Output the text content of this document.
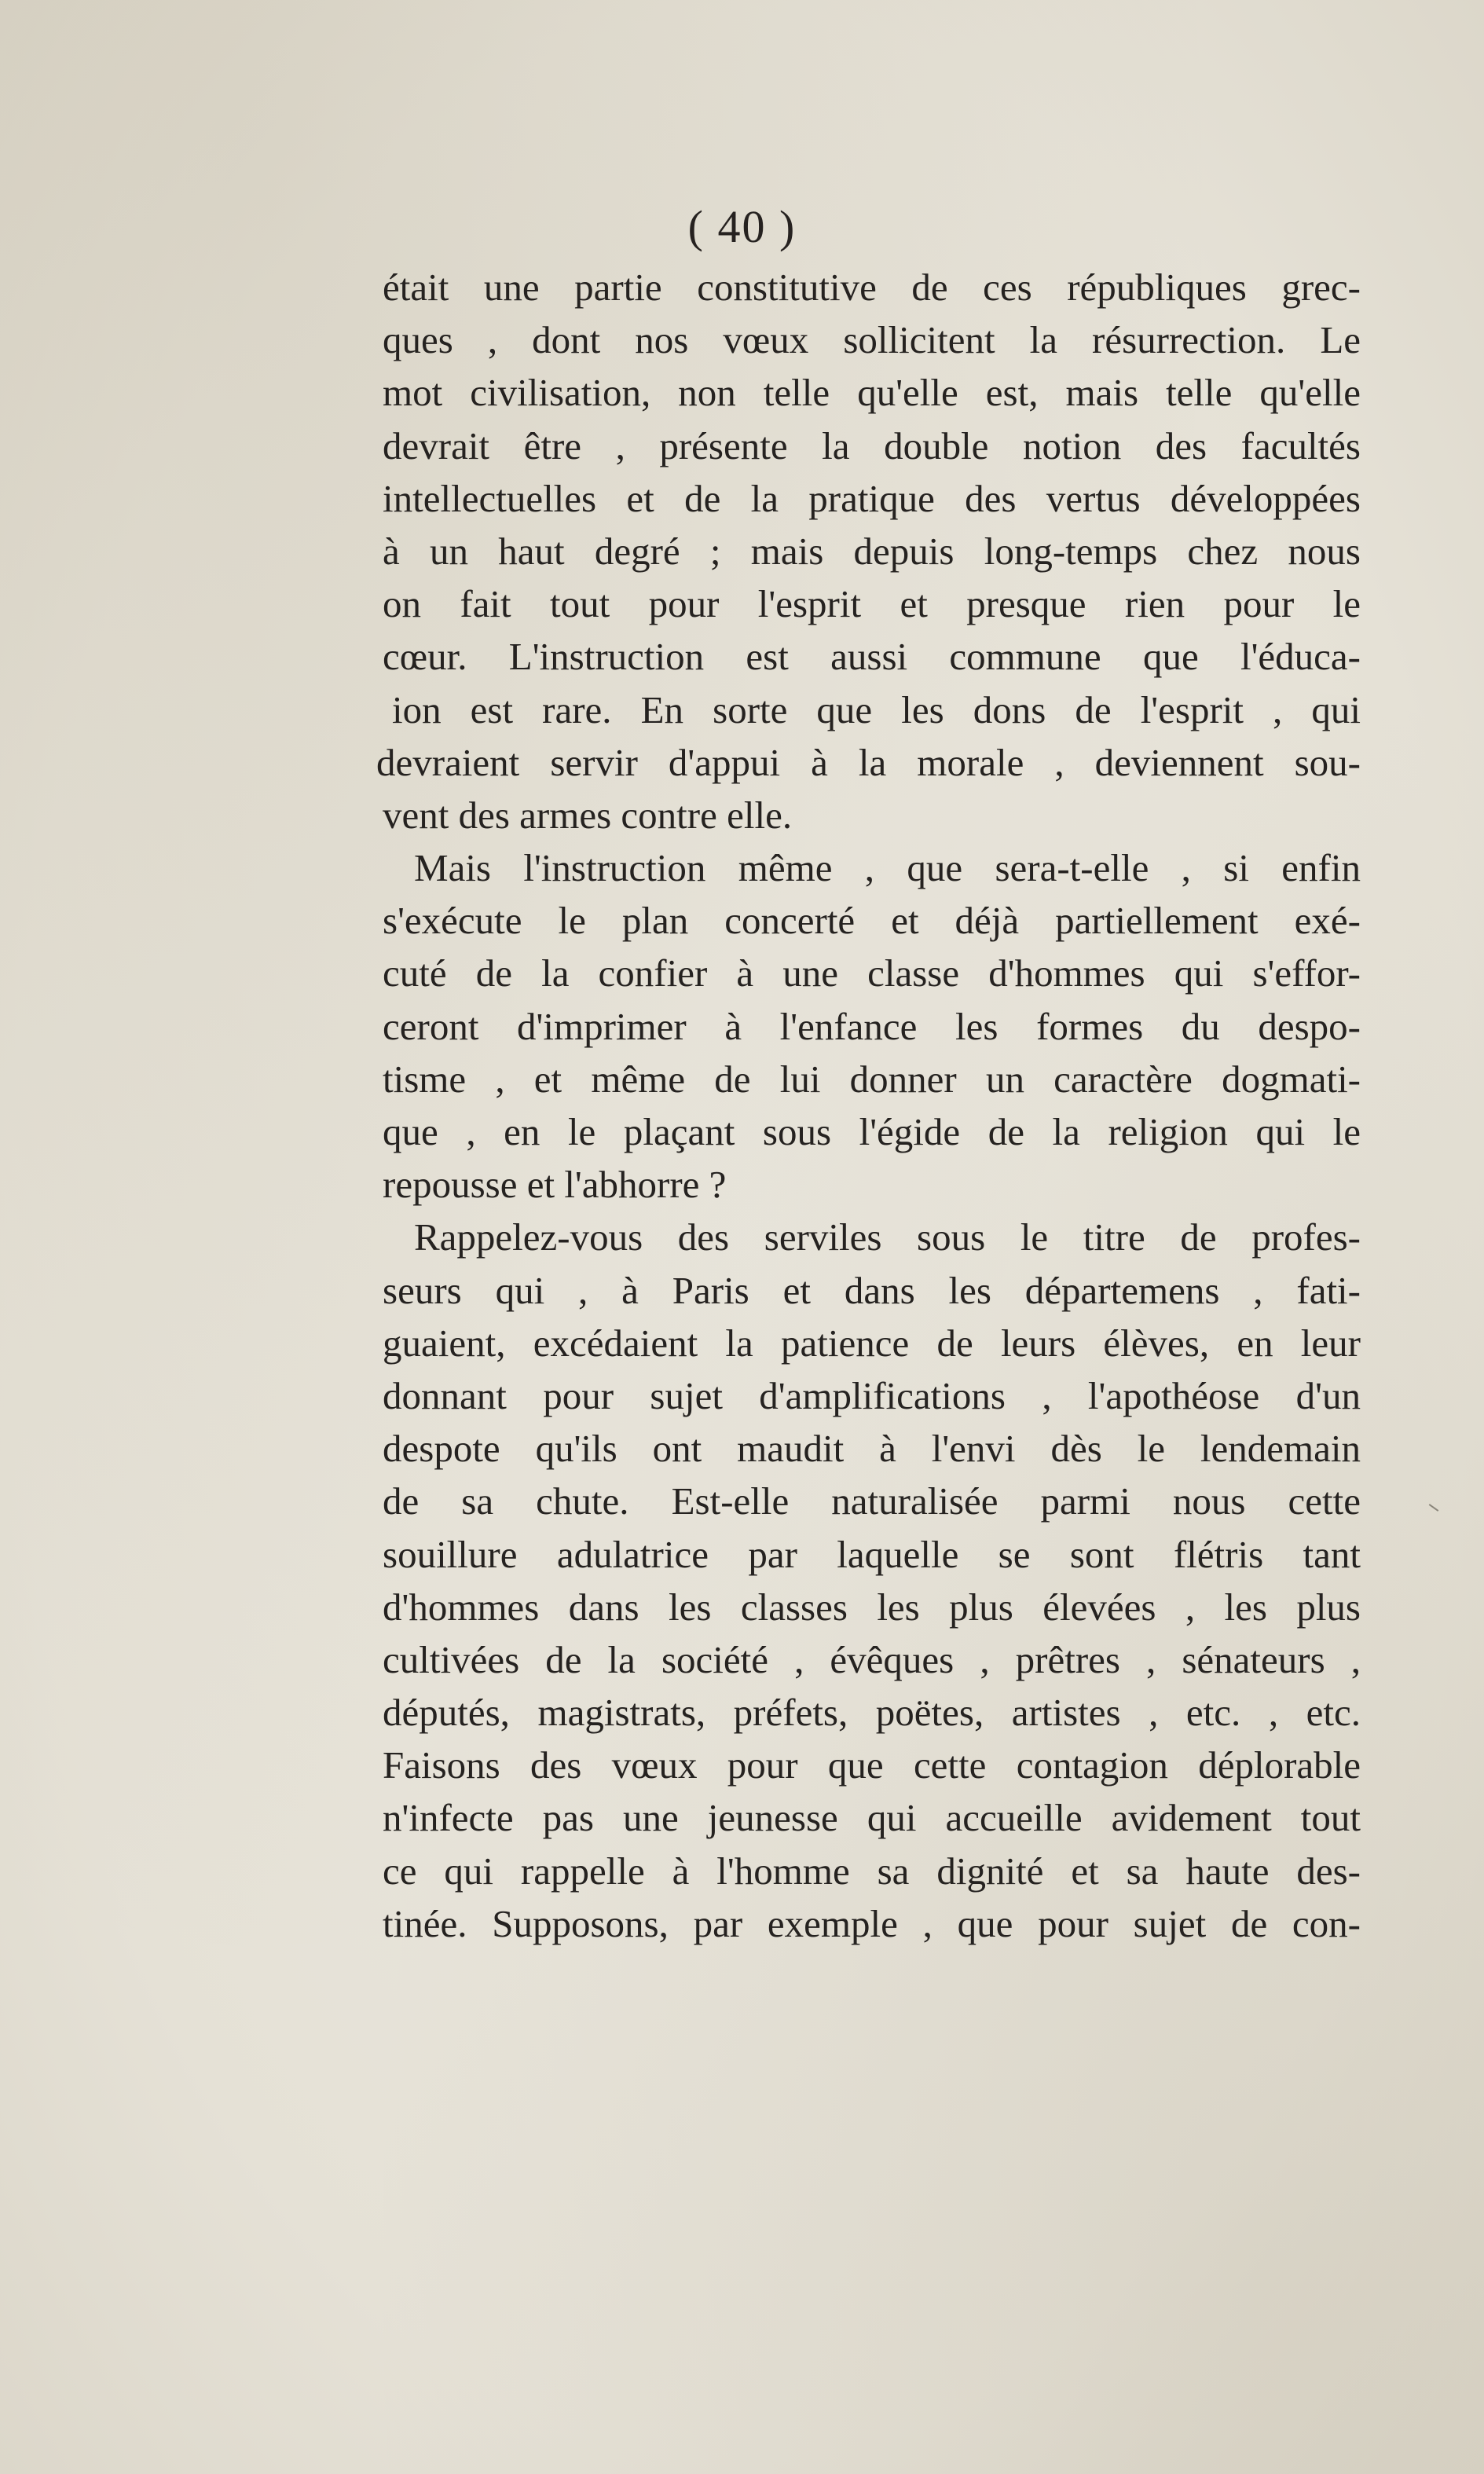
( 40 )
était une partie constitutive de ces républiques grec-
ques , dont nos vœux sollicitent la résurrection. Le
mot civilisation, non telle qu'elle est, mais telle qu'elle
devrait être , présente la double notion des facultés
intellectuelles et de la pratique des vertus développées
à un haut degré ; mais depuis long-temps chez nous
on fait tout pour l'esprit et presque rien pour le
cœur. L'instruction est aussi commune que l'éduca-
ion est rare. En sorte que les dons de l'esprit , qui
devraient servir d'appui à la morale , deviennent sou-
vent des armes contre elle.
Mais l'instruction même , que sera-t-elle , si enfin
s'exécute le plan concerté et déjà partiellement exé-
cuté de la confier à une classe d'hommes qui s'effor-
ceront d'imprimer à l'enfance les formes du despo-
tisme , et même de lui donner un caractère dogmati-
que , en le plaçant sous l'égide de la religion qui le
repousse et l'abhorre ?
Rappelez-vous des serviles sous le titre de profes-
seurs qui , à Paris et dans les départemens , fati-
guaient, excédaient la patience de leurs élèves, en leur
donnant pour sujet d'amplifications , l'apothéose d'un
despote qu'ils ont maudit à l'envi dès le lendemain
de sa chute. Est-elle naturalisée parmi nous cette
souillure adulatrice par laquelle se sont flétris tant
d'hommes dans les classes les plus élevées , les plus
cultivées de la société , évêques , prêtres , sénateurs ,
députés, magistrats, préfets, poëtes, artistes , etc. , etc.
Faisons des vœux pour que cette contagion déplorable
n'infecte pas une jeunesse qui accueille avidement tout
ce qui rappelle à l'homme sa dignité et sa haute des-
tinée. Supposons, par exemple , que pour sujet de con-
